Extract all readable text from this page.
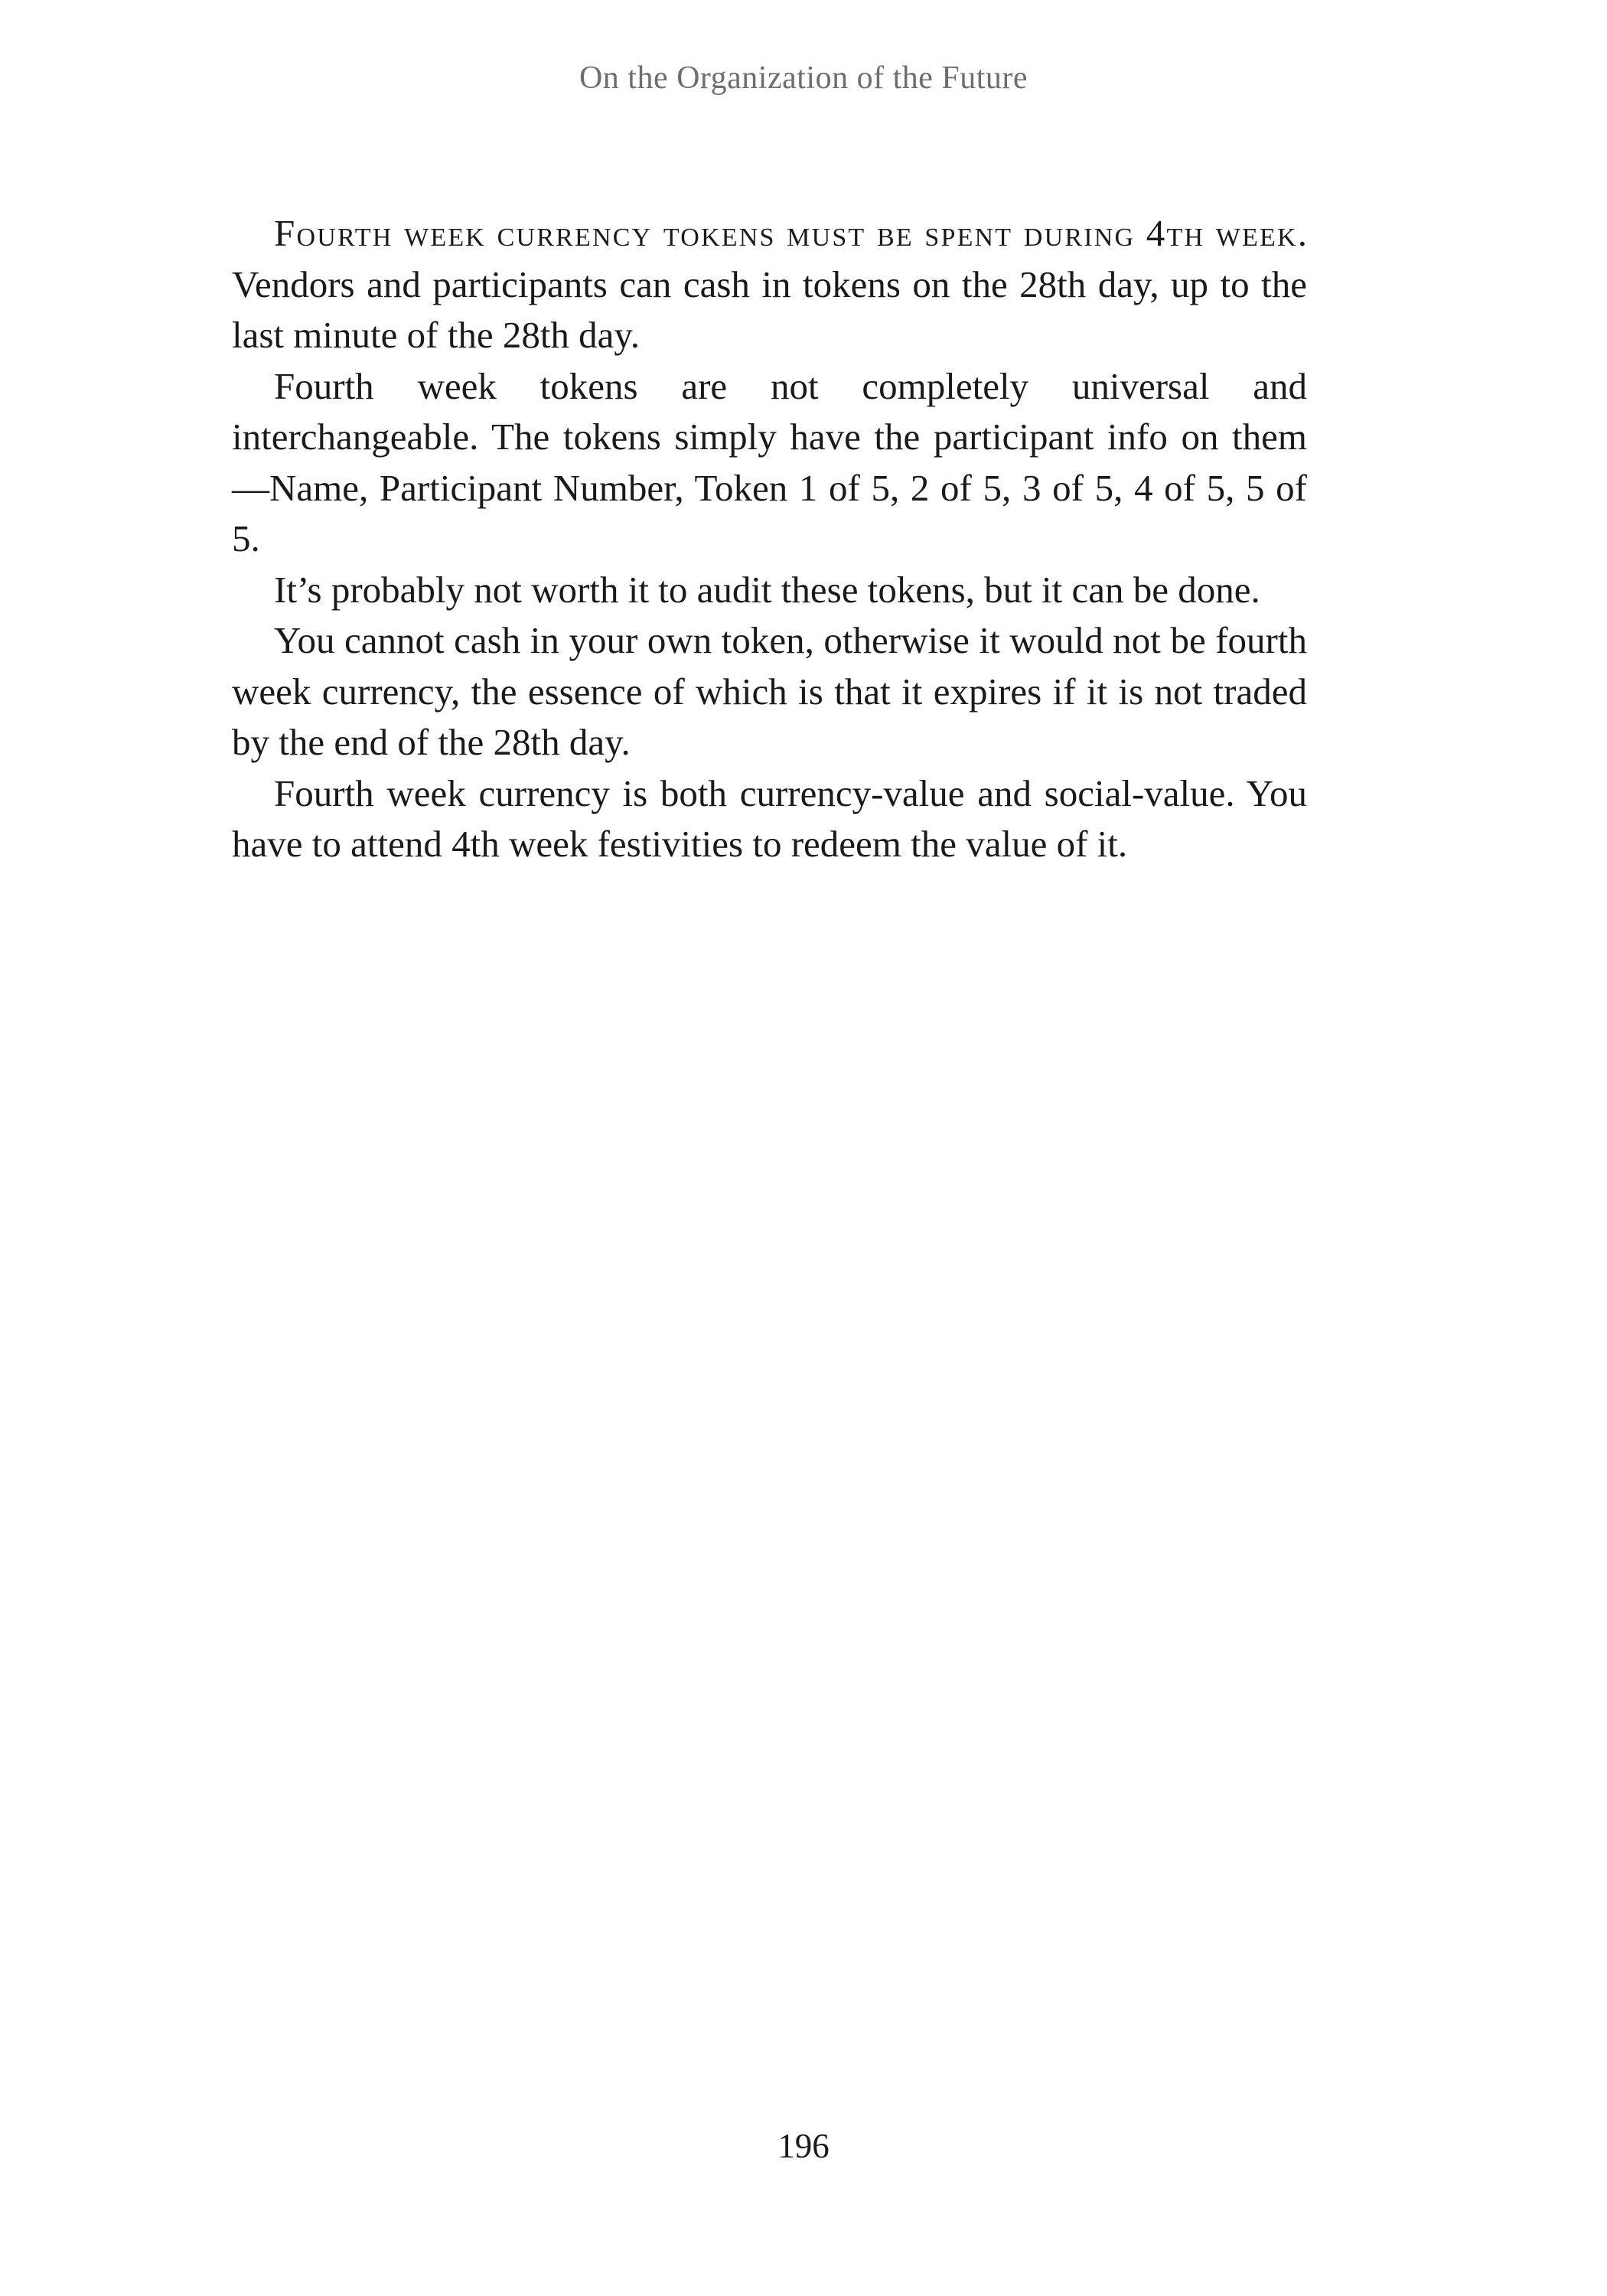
On the Organization of the Future

Fourth week currency tokens must be spent during 4th week. Vendors and participants can cash in tokens on the 28th day, up to the last minute of the 28th day.

Fourth week tokens are not completely universal and interchangeable. The tokens simply have the participant info on them—Name, Participant Number, Token 1 of 5, 2 of 5, 3 of 5, 4 of 5, 5 of 5.

It’s probably not worth it to audit these tokens, but it can be done.

You cannot cash in your own token, otherwise it would not be fourth week currency, the essence of which is that it expires if it is not traded by the end of the 28th day.

Fourth week currency is both currency-value and social-value. You have to attend 4th week festivities to redeem the value of it.

196
